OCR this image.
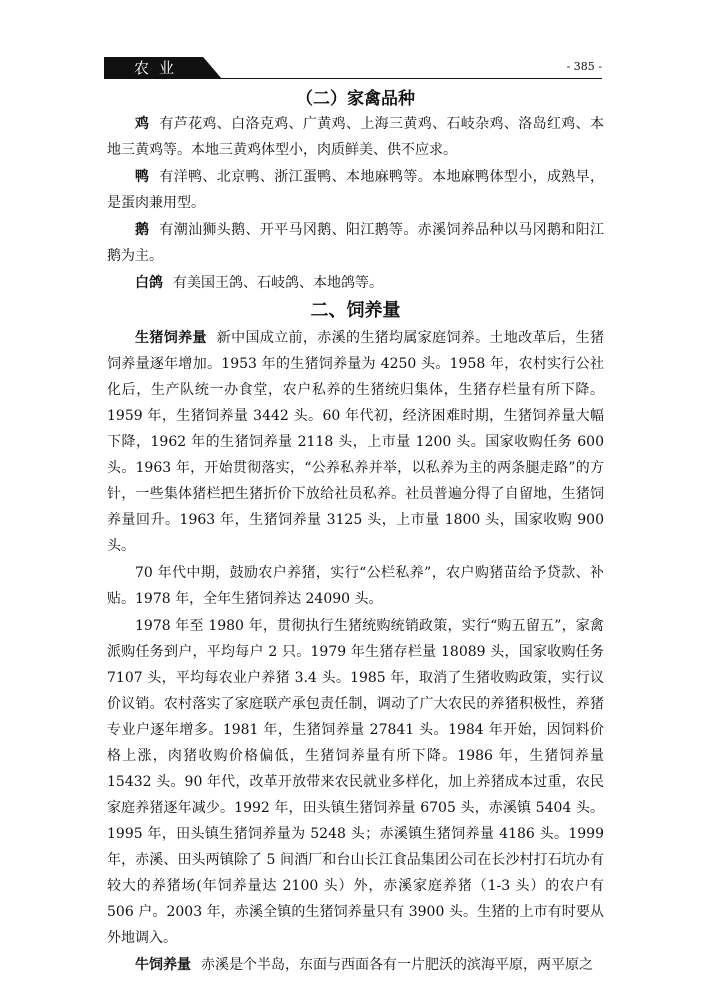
农业	- 385 -
（二）家禽品种

鸡 有芦花鸡、白洛克鸡、广黄鸡、上海三黄鸡、石岐杂鸡、洛岛红鸡、本地三黄鸡等。本地三黄鸡体型小，肉质鲜美、供不应求。

鸭 有洋鸭、北京鸭、浙江蛋鸭、本地麻鸭等。本地麻鸭体型小，成熟早，是蛋肉兼用型。

鹅 有潮汕狮头鹅、开平马冈鹅、阳江鹅等。赤溪饲养品种以马冈鹅和阳江鹅为主。

白鸽 有美国王鸽、石岐鸽、本地鸽等。

二、饲养量

生猪饲养量 新中国成立前，赤溪的生猪均属家庭饲养。土地改革后，生猪饲养量逐年增加。1953 年的生猪饲养量为 4250 头。1958 年，农村实行公社化后，生产队统一办食堂，农户私养的生猪统归集体，生猪存栏量有所下降。1959 年，生猪饲养量 3442 头。60 年代初，经济困难时期，生猪饲养量大幅下降，1962 年的生猪饲养量 2118 头，上市量 1200 头。国家收购任务 600 头。1963 年，开始贯彻落实，“公养私养并举，以私养为主的两条腿走路”的方针，一些集体猪栏把生猪折价下放给社员私养。社员普遍分得了自留地，生猪饲养量回升。1963 年，生猪饲养量 3125 头，上市量 1800 头，国家收购 900 头。

70 年代中期，鼓励农户养猪，实行“公栏私养”，农户购猪苗给予贷款、补贴。1978 年，全年生猪饲养达 24090 头。

1978 年至 1980 年，贯彻执行生猪统购统销政策，实行“购五留五”，家禽派购任务到户，平均每户 2 只。1979 年生猪存栏量 18089 头，国家收购任务 7107 头，平均每农业户养猪 3.4 头。1985 年，取消了生猪收购政策，实行议价议销。农村落实了家庭联产承包责任制，调动了广大农民的养猪积极性，养猪专业户逐年增多。1981 年，生猪饲养量 27841 头。1984 年开始，因饲料价格上涨，肉猪收购价格偏低，生猪饲养量有所下降。1986 年，生猪饲养量 15432 头。90 年代，改革开放带来农民就业多样化，加上养猪成本过重，农民家庭养猪逐年减少。1992 年，田头镇生猪饲养量 6705 头，赤溪镇 5404 头。1995 年，田头镇生猪饲养量为 5248 头；赤溪镇生猪饲养量 4186 头。1999 年，赤溪、田头两镇除了 5 间酒厂和台山长江食品集团公司在长沙村打石坑办有较大的养猪场(年饲养量达 2100 头）外，赤溪家庭养猪（1-3 头）的农户有 506 户。2003 年，赤溪全镇的生猪饲养量只有 3900 头。生猪的上市有时要从外地调入。

牛饲养量 赤溪是个半岛，东面与西面各有一片肥沃的滨海平原，两平原之
